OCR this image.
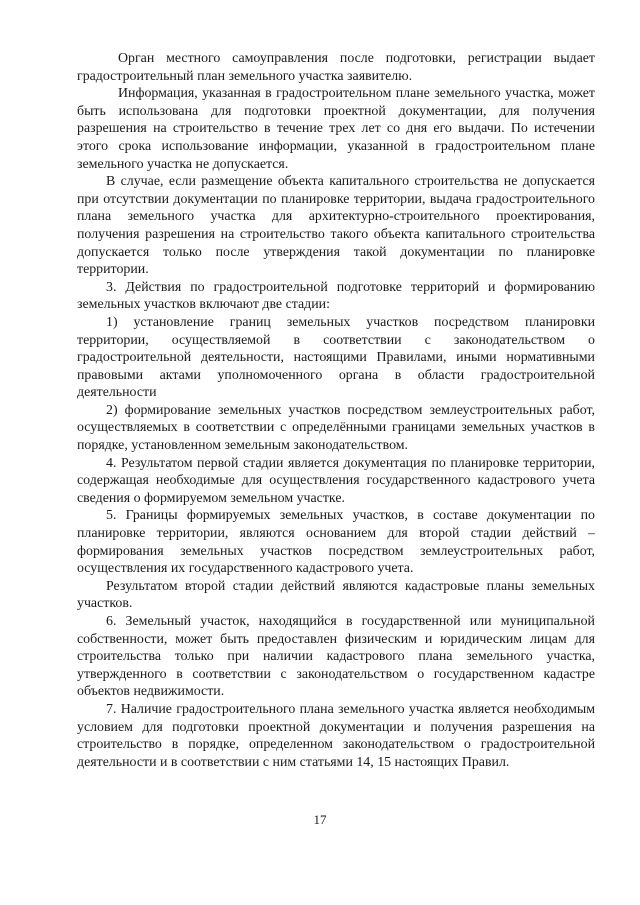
Орган местного самоуправления после подготовки, регистрации выдает градостроительный план земельного участка заявителю.

Информация, указанная в градостроительном плане земельного участка, может быть использована для подготовки проектной документации, для получения разрешения на строительство в течение трех лет со дня его выдачи. По истечении этого срока использование информации, указанной в градостроительном плане земельного участка не допускается.

В случае, если размещение объекта капитального строительства не допускается при отсутствии документации по планировке территории, выдача градостроительного плана земельного участка для архитектурно-строительного проектирования, получения разрешения на строительство такого объекта капитального строительства допускается только после утверждения такой документации по планировке территории.

3. Действия по градостроительной подготовке территорий и формированию земельных участков включают две стадии:

1) установление границ земельных участков посредством планировки территории, осуществляемой в соответствии с законодательством о градостроительной деятельности, настоящими Правилами, иными нормативными правовыми актами уполномоченного органа в области градостроительной деятельности

2) формирование земельных участков посредством землеустроительных работ, осуществляемых в соответствии с определёнными границами земельных участков в порядке, установленном земельным законодательством.

4. Результатом первой стадии является документация по планировке территории, содержащая необходимые для осуществления государственного кадастрового учета сведения о формируемом земельном участке.

5. Границы формируемых земельных участков, в составе документации по планировке территории, являются основанием для второй стадии действий – формирования земельных участков посредством землеустроительных работ, осуществления их государственного кадастрового учета.

Результатом второй стадии действий являются кадастровые планы земельных участков.

6. Земельный участок, находящийся в государственной или муниципальной собственности, может быть предоставлен физическим и юридическим лицам для строительства только при наличии кадастрового плана земельного участка, утвержденного в соответствии с законодательством о государственном кадастре объектов недвижимости.

7. Наличие градостроительного плана земельного участка является необходимым условием для подготовки проектной документации и получения разрешения на строительство в порядке, определенном законодательством о градостроительной деятельности и в соответствии с ним статьями 14, 15 настоящих Правил.

17
